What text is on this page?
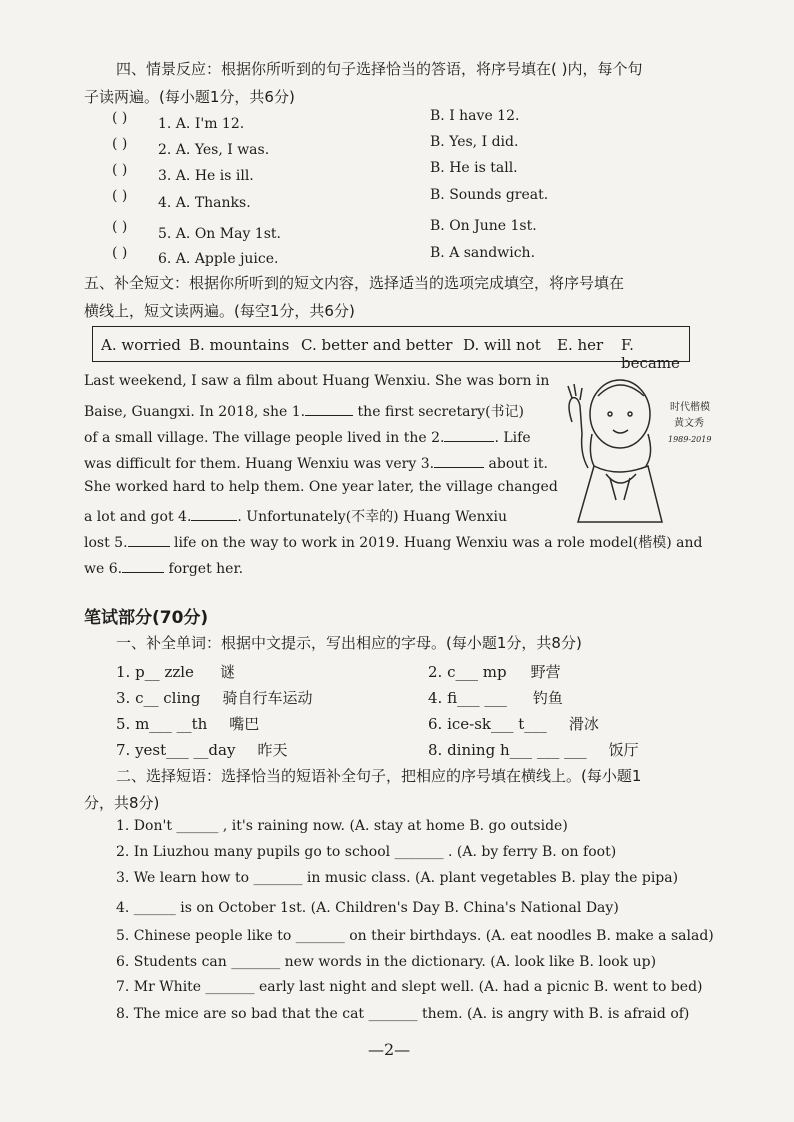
四、情景反应：根据你所听到的句子选择恰当的答语，将序号填在( )内，每个句
子读两遍。(每小题1分，共6分)
( ) 1. A. I'm 12.	B. I have 12.
( ) 2. A. Yes, I was.	B. Yes, I did.
( ) 3. A. He is ill.	B. He is tall.
( ) 4. A. Thanks.	B. Sounds great.
( ) 5. A. On May 1st.	B. On June 1st.
( ) 6. A. Apple juice.	B. A sandwich.
五、补全短文：根据你所听到的短文内容，选择适当的选项完成填空，将序号填在
横线上，短文读两遍。(每空1分，共6分)
A. worried B. mountains C. better and better D. will not E. her F. became
Last weekend, I saw a film about Huang Wenxiu. She was born in
Baise, Guangxi. In 2018, she 1.	the first secretary(书记)
of a small village. The village people lived in the 2.	. Life
was difficult for them. Huang Wenxiu was very 3.	about it.
She worked hard to help them. One year later, the village changed
a lot and got 4.	. Unfortunately(不幸的) Huang Wenxiu
lost 5.	life on the way to work in 2019. Huang Wenxiu was a role model(楷模) and
we 6.	forget her.
时代楷模
黄文秀
1989-2019
笔试部分(70分)
一、补全单词：根据中文提示，写出相应的字母。(每小题1分，共8分)
1. p__ zzle 谜	2. c___ mp 野营
3. c__ cling 骑自行车运动	4. fi___ ___ 钓鱼
5. m___ __th 嘴巴	6. ice-sk___ t___ 滑冰
7. yest___ __day 昨天	8. dining h___ ___ ___ 饭厅
二、选择短语：选择恰当的短语补全句子，把相应的序号填在横线上。(每小题1
分，共8分)
1. Don't ______ , it's raining now. (A. stay at home B. go outside)
2. In Liuzhou many pupils go to school _______ . (A. by ferry B. on foot)
3. We learn how to _______ in music class. (A. plant vegetables B. play the pipa)
4. ______ is on October 1st. (A. Children's Day B. China's National Day)
5. Chinese people like to _______ on their birthdays. (A. eat noodles B. make a salad)
6. Students can _______ new words in the dictionary. (A. look like B. look up)
7. Mr White _______ early last night and slept well. (A. had a picnic B. went to bed)
8. The mice are so bad that the cat _______ them. (A. is angry with B. is afraid of)
—2—
